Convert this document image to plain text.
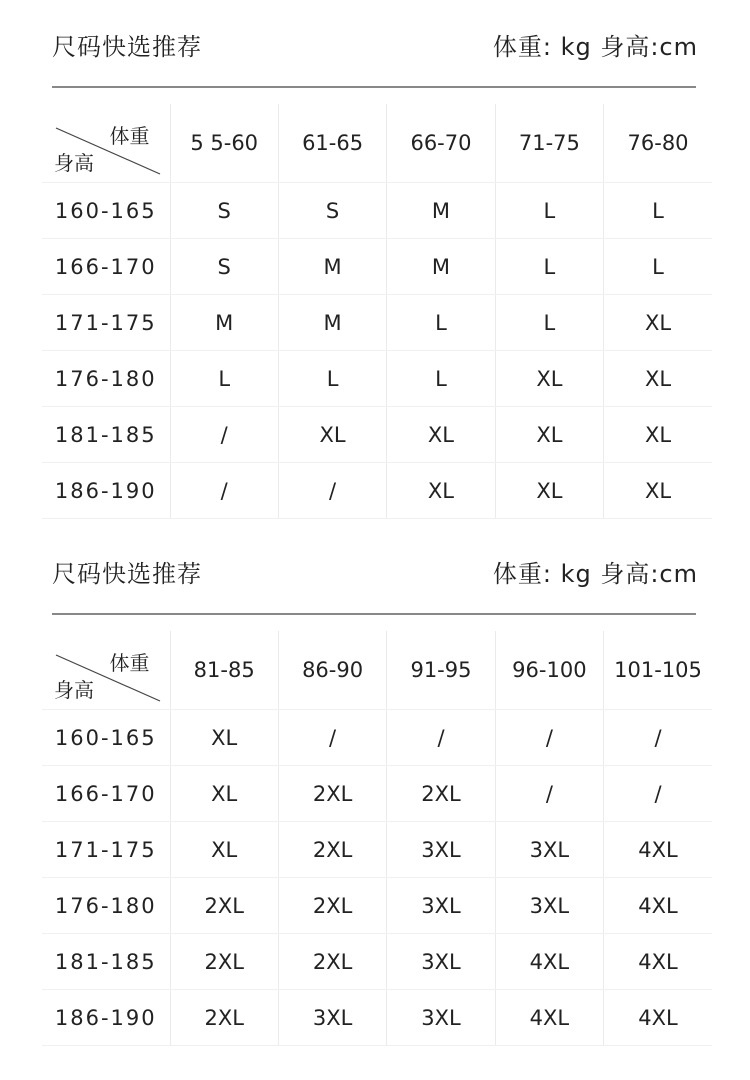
尺码快选推荐	体重: kg 身高:cm
体重
身高	5 5-60	61-65	66-70	71-75	76-80
160-165	S	S	M	L	L
166-170	S	M	M	L	L
171-175	M	M	L	L	XL
176-180	L	L	L	XL	XL
181-185	/	XL	XL	XL	XL
186-190	/	/	XL	XL	XL
尺码快选推荐	体重: kg 身高:cm
体重
身高	81-85	86-90	91-95	96-100	101-105
160-165	XL	/	/	/	/
166-170	XL	2XL	2XL	/	/
171-175	XL	2XL	3XL	3XL	4XL
176-180	2XL	2XL	3XL	3XL	4XL
181-185	2XL	2XL	3XL	4XL	4XL
186-190	2XL	3XL	3XL	4XL	4XL
